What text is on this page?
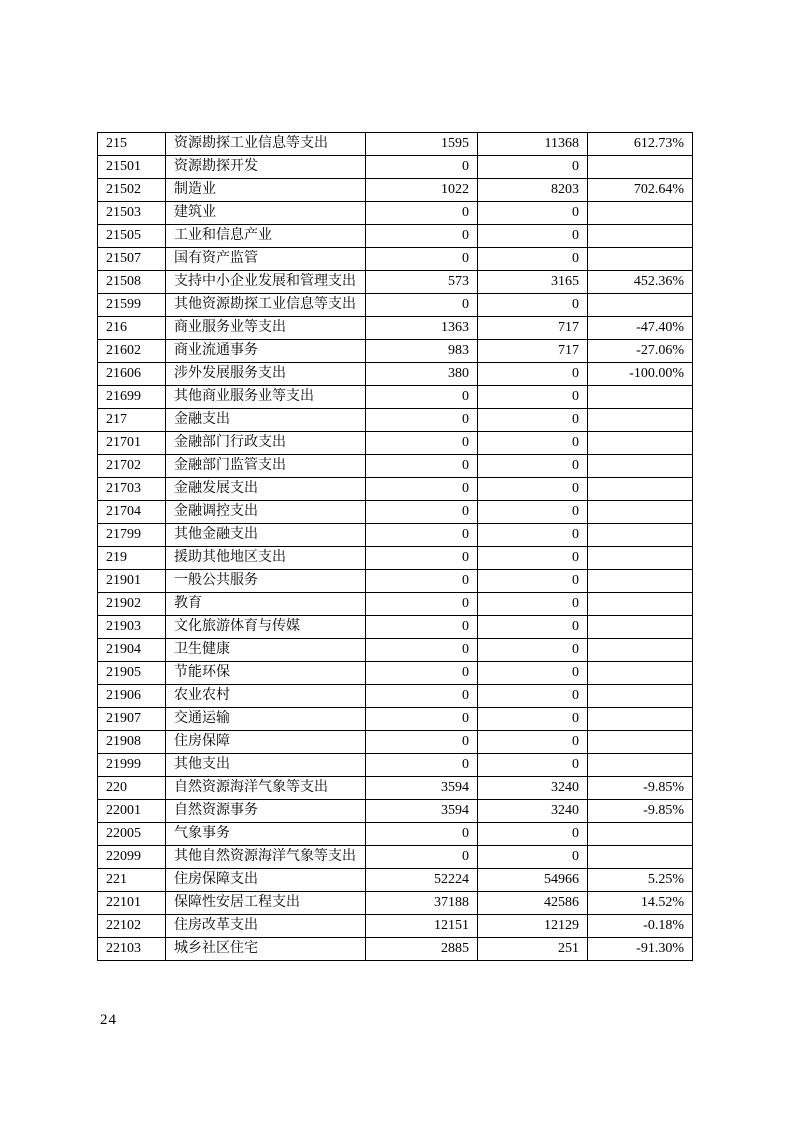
215	资源勘探工业信息等支出	1595	11368	612.73%
21501	资源勘探开发	0	0	
21502	制造业	1022	8203	702.64%
21503	建筑业	0	0	
21505	工业和信息产业	0	0	
21507	国有资产监管	0	0	
21508	支持中小企业发展和管理支出	573	3165	452.36%
21599	其他资源勘探工业信息等支出	0	0	
216	商业服务业等支出	1363	717	-47.40%
21602	商业流通事务	983	717	-27.06%
21606	涉外发展服务支出	380	0	-100.00%
21699	其他商业服务业等支出	0	0	
217	金融支出	0	0	
21701	金融部门行政支出	0	0	
21702	金融部门监管支出	0	0	
21703	金融发展支出	0	0	
21704	金融调控支出	0	0	
21799	其他金融支出	0	0	
219	援助其他地区支出	0	0	
21901	一般公共服务	0	0	
21902	教育	0	0	
21903	文化旅游体育与传媒	0	0	
21904	卫生健康	0	0	
21905	节能环保	0	0	
21906	农业农村	0	0	
21907	交通运输	0	0	
21908	住房保障	0	0	
21999	其他支出	0	0	
220	自然资源海洋气象等支出	3594	3240	-9.85%
22001	自然资源事务	3594	3240	-9.85%
22005	气象事务	0	0	
22099	其他自然资源海洋气象等支出	0	0	
221	住房保障支出	52224	54966	5.25%
22101	保障性安居工程支出	37188	42586	14.52%
22102	住房改革支出	12151	12129	-0.18%
22103	城乡社区住宅	2885	251	-91.30%
24
